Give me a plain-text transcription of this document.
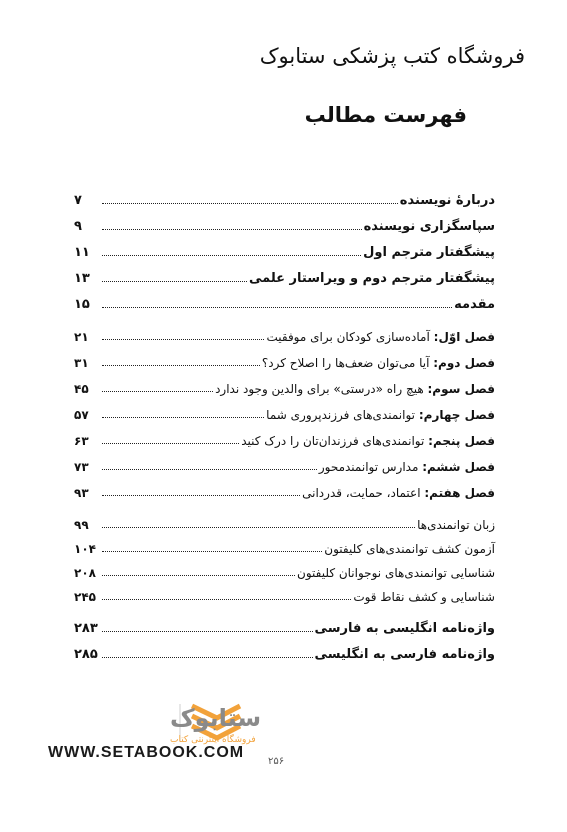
فروشگاه کتب پزشکی ستابوک
فهرست مطالب
دربارهٔ نویسنده
۷
سپاسگزاری نویسنده
۹
پیشگفتار مترجم اول
۱۱
پیشگفتار مترجم دوم و ویراستار علمی
۱۳
مقدمه
۱۵
فصل اوّل: آماده‌سازی کودکان برای موفقیت
۲۱
فصل دوم: آیا می‌توان ضعف‌ها را اصلاح کرد؟
۳۱
فصل سوم: هیچ راه «درستی» برای والدین وجود ندارد
۴۵
فصل چهارم: توانمندی‌های فرزندپروری شما
۵۷
فصل پنجم: توانمندی‌های فرزندان‌تان را درک کنید
۶۳
فصل ششم: مدارس توانمندمحور
۷۳
فصل هفتم: اعتماد، حمایت، قدردانی
۹۳
زبان توانمندی‌ها
۹۹
آزمون کشف توانمندی‌های کلیفتون
۱۰۴
شناسایی توانمندی‌های نوجوانان کلیفتون
۲۰۸
شناسایی و کشف نقاط قوت
۲۴۵
واژه‌نامه انگلیسی به فارسی
۲۸۳
واژه‌نامه فارسی به انگلیسی
۲۸۵
ستابوک
فروشگاه اینترنتی کتاب
WWW.SETABOOK.COM
۲۵۶
